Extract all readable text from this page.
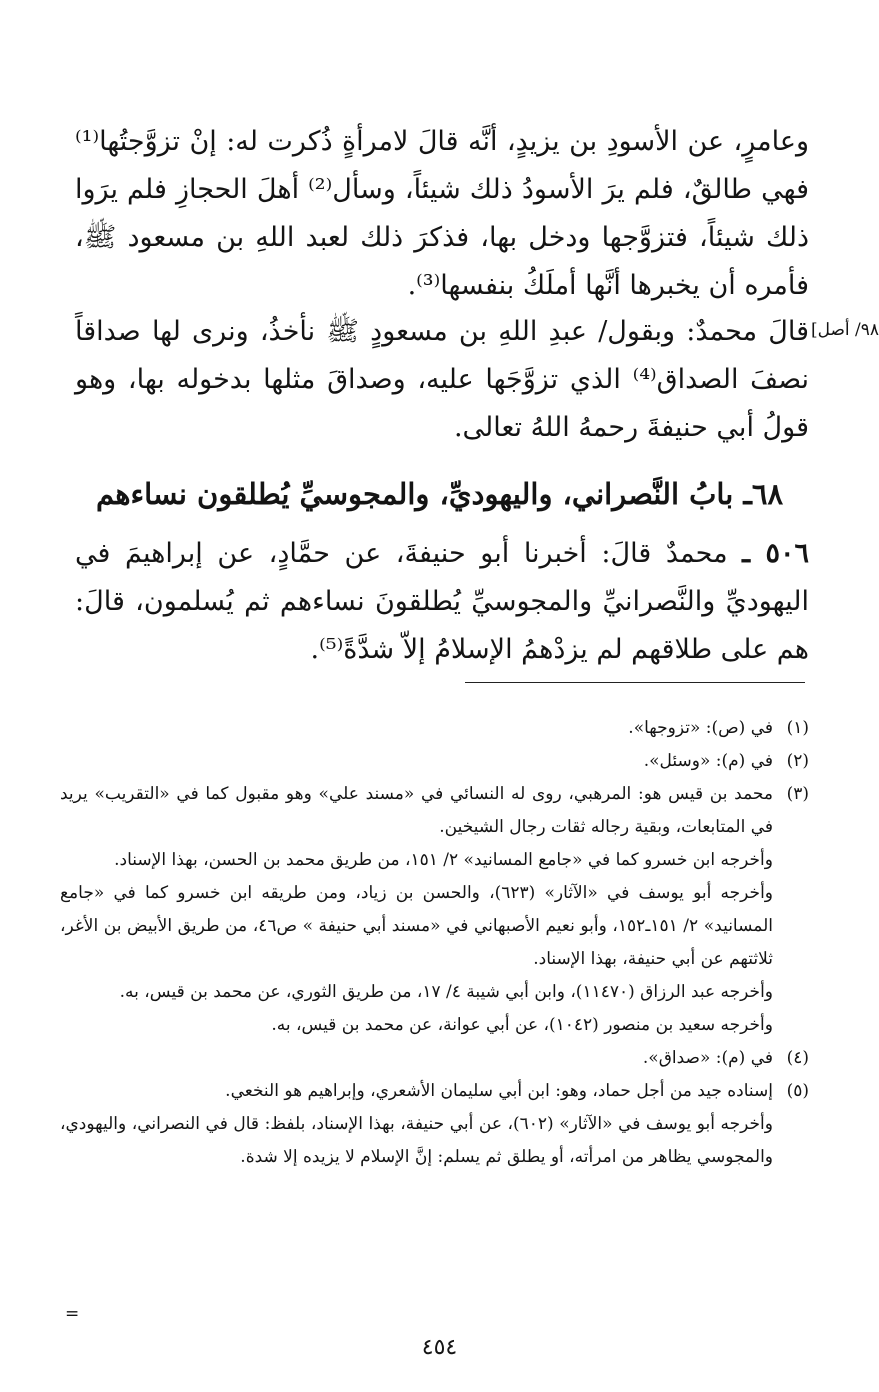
وعامرٍ، عن الأسودِ بن يزيدٍ، أنَّه قالَ لامرأةٍ ذُكرت له: إنْ تزوَّجتُها⁽¹⁾ فهي طالقٌ، فلم يرَ الأسودُ ذلك شيئاً، وسأل⁽²⁾ أهلَ الحجازِ فلم يرَوا ذلك شيئاً، فتزوَّجها ودخل بها، فذكرَ ذلك لعبد اللهِ بن مسعود ﷺ، فأمره أن يخبرها أنَّها أملَكُ بنفسها⁽³⁾.

٩٨/ أصل]

قالَ محمدٌ: وبقول/ عبدِ اللهِ بن مسعودٍ ﷺ نأخذُ، ونرى لها صداقاً نصفَ الصداق⁽⁴⁾ الذي تزوَّجَها عليه، وصداقَ مثلها بدخوله بها، وهو قولُ أبي حنيفةَ رحمهُ اللهُ تعالى.

٦٨ـ بابُ النَّصراني، واليهوديِّ، والمجوسيِّ يُطلقون نساءهم

٥٠٦ ـ محمدٌ قالَ: أخبرنا أبو حنيفةَ، عن حمَّادٍ، عن إبراهيمَ في اليهوديِّ والنَّصرانيِّ والمجوسيِّ يُطلقونَ نساءهم ثم يُسلمون، قالَ: هم على طلاقهم لم يزدْهمُ الإسلامُ إلاّ شدَّةً⁽⁵⁾.

(١)
في (ص): «تزوجها».
(٢)
في (م): «وسئل».
(٣)
محمد بن قيس هو: المرهبي، روى له النسائي في «مسند علي» وهو مقبول كما في «التقريب» يريد في المتابعات، وبقية رجاله ثقات رجال الشيخين.
وأخرجه ابن خسرو كما في «جامع المسانيد» ٢/ ١٥١، من طريق محمد بن الحسن، بهذا الإسناد.
وأخرجه أبو يوسف في «الآثار» (٦٢٣)، والحسن بن زياد، ومن طريقه ابن خسرو كما في «جامع المسانيد» ٢/ ١٥١ـ١٥٢، وأبو نعيم الأصبهاني في «مسند أبي حنيفة » ص٤٦، من طريق الأبيض بن الأغر، ثلاثتهم عن أبي حنيفة، بهذا الإسناد.
وأخرجه عبد الرزاق (١١٤٧٠)، وابن أبي شيبة ٤/ ١٧، من طريق الثوري، عن محمد بن قيس، به.
وأخرجه سعيد بن منصور (١٠٤٢)، عن أبي عوانة، عن محمد بن قيس، به.
(٤)
في (م): «صداق».
(٥)
إسناده جيد من أجل حماد، وهو: ابن أبي سليمان الأشعري، وإبراهيم هو النخعي.
وأخرجه أبو يوسف في «الآثار» (٦٠٢)، عن أبي حنيفة، بهذا الإسناد، بلفظ: قال في النصراني، واليهودي، والمجوسي يظاهر من امرأته، أو يطلق ثم يسلم: إنَّ الإسلام لا يزيده إلا شدة.
=
٤٥٤
